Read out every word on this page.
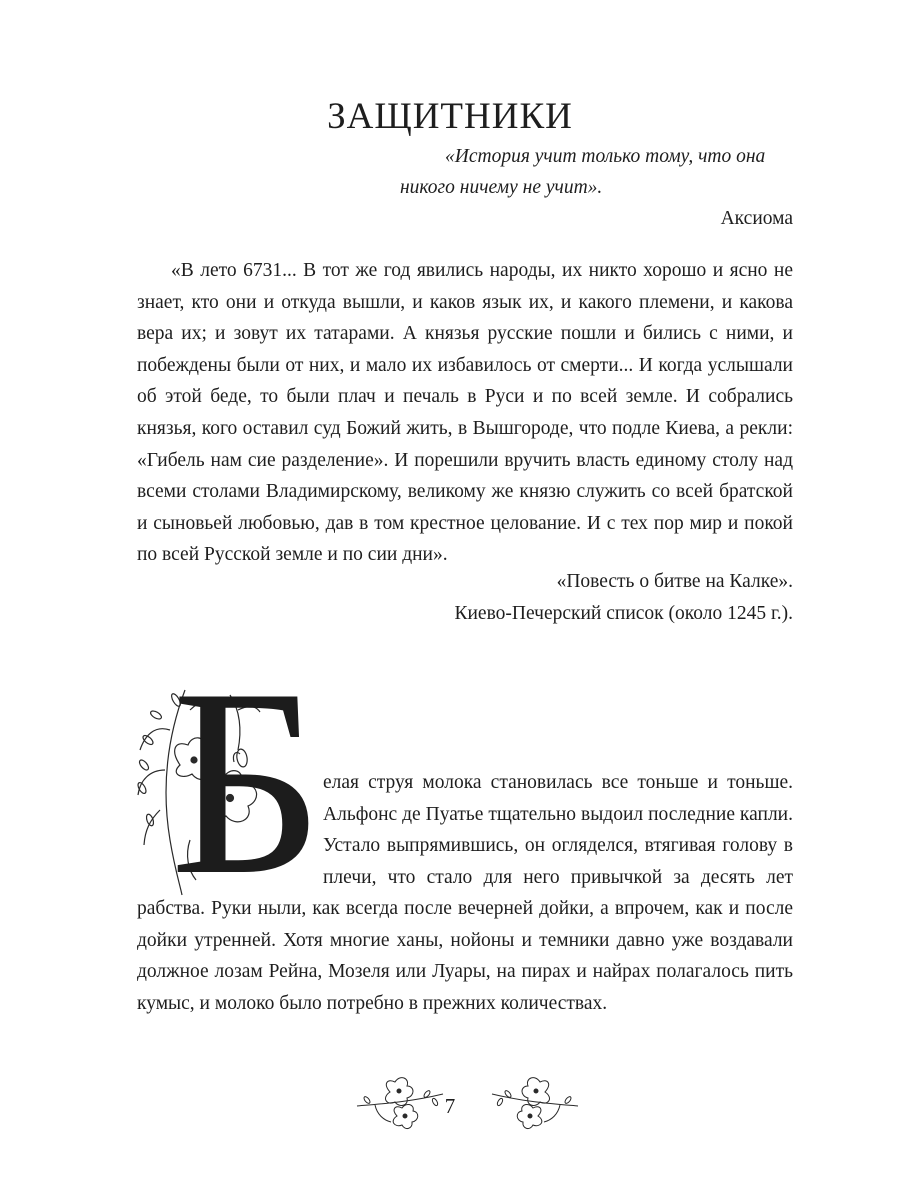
ЗАЩИТНИКИ

«История учит только тому, что она

никого ничему не учит».

Аксиома

«В лето 6731... В тот же год явились народы, их никто хорошо и ясно не знает, кто они и откуда вышли, и каков язык их, и какого племени, и какова вера их; и зовут их татарами. А князья русские пошли и бились с ними, и побеждены были от них, и мало их избавилось от смерти... И когда услышали об этой беде, то были плач и печаль в Руси и по всей земле. И собрались князья, кого оставил суд Божий жить, в Вышгороде, что подле Киева, а рекли: «Гибель нам сие разделение». И порешили вручить власть единому столу над всеми столами Владимирскому, великому же князю служить со всей братской и сыновьей любовью, дав в том крестное целование. И с тех пор мир и покой по всей Русской земле и по сии дни».

«Повесть о битве на Калке».
Киево-Печерский список (около 1245 г.).
Б елая струя молока становилась все тоньше и тоньше. Альфонс де Пуатье тщательно выдоил последние капли. Устало выпрямившись, он огляделся, втягивая голову в плечи, что стало для него привычкой за десять лет рабства. Руки ныли, как всегда после вечерней дойки, а впрочем, как и после дойки утренней. Хотя многие ханы, нойоны и темники давно уже воздавали должное лозам Рейна, Мозеля или Луары, на пирах и найрах полагалось пить кумыс, и молоко было потребно в прежних количествах.

7
